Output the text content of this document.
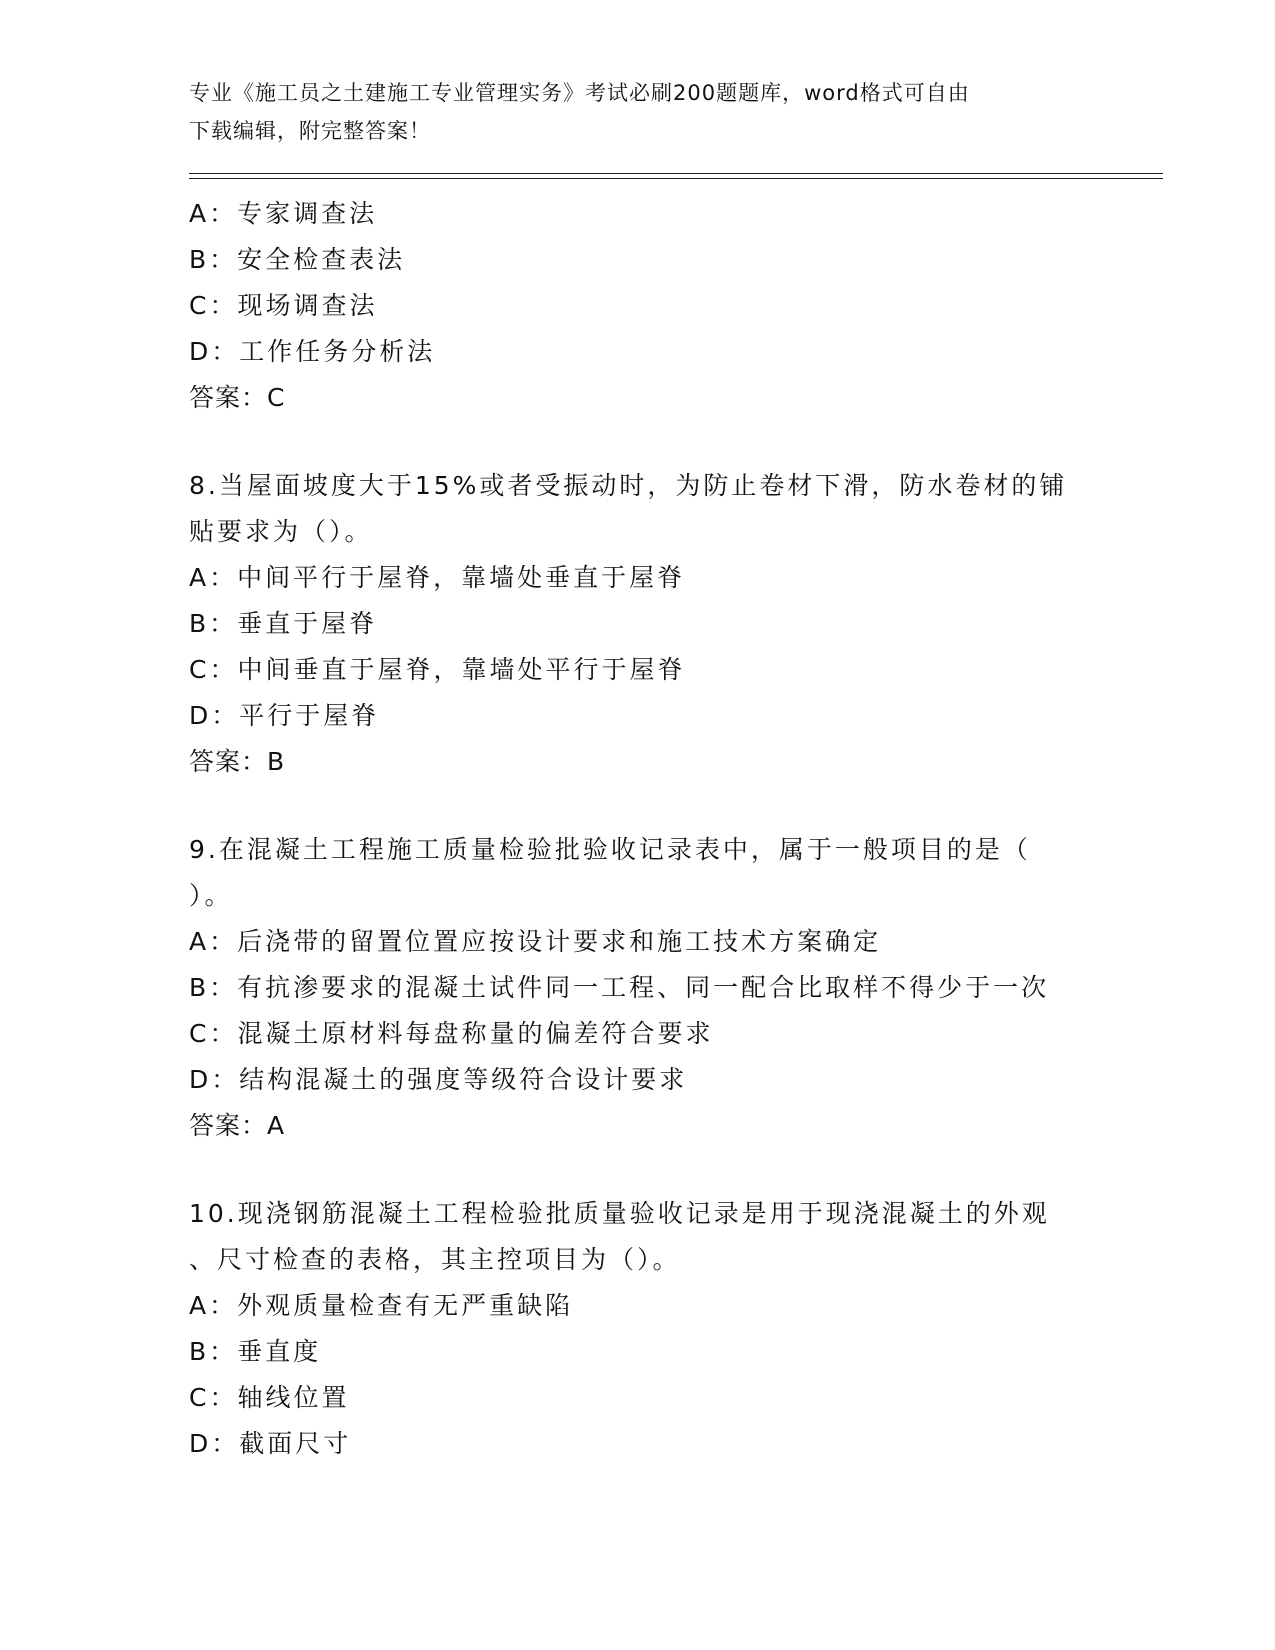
专业《施工员之土建施工专业管理实务》考试必刷200题题库，word格式可自由
下载编辑，附完整答案！
A：专家调查法
B：安全检查表法
C：现场调查法
D：工作任务分析法
答案：C
8.当屋面坡度大于15%或者受振动时，为防止卷材下滑，防水卷材的铺
贴要求为（）。
A：中间平行于屋脊，靠墙处垂直于屋脊
B：垂直于屋脊
C：中间垂直于屋脊，靠墙处平行于屋脊
D：平行于屋脊
答案：B
9.在混凝土工程施工质量检验批验收记录表中，属于一般项目的是（
）。
A：后浇带的留置位置应按设计要求和施工技术方案确定
B：有抗渗要求的混凝土试件同一工程、同一配合比取样不得少于一次
C：混凝土原材料每盘称量的偏差符合要求
D：结构混凝土的强度等级符合设计要求
答案：A
10.现浇钢筋混凝土工程检验批质量验收记录是用于现浇混凝土的外观
、尺寸检查的表格，其主控项目为（）。
A：外观质量检查有无严重缺陷
B：垂直度
C：轴线位置
D：截面尺寸
